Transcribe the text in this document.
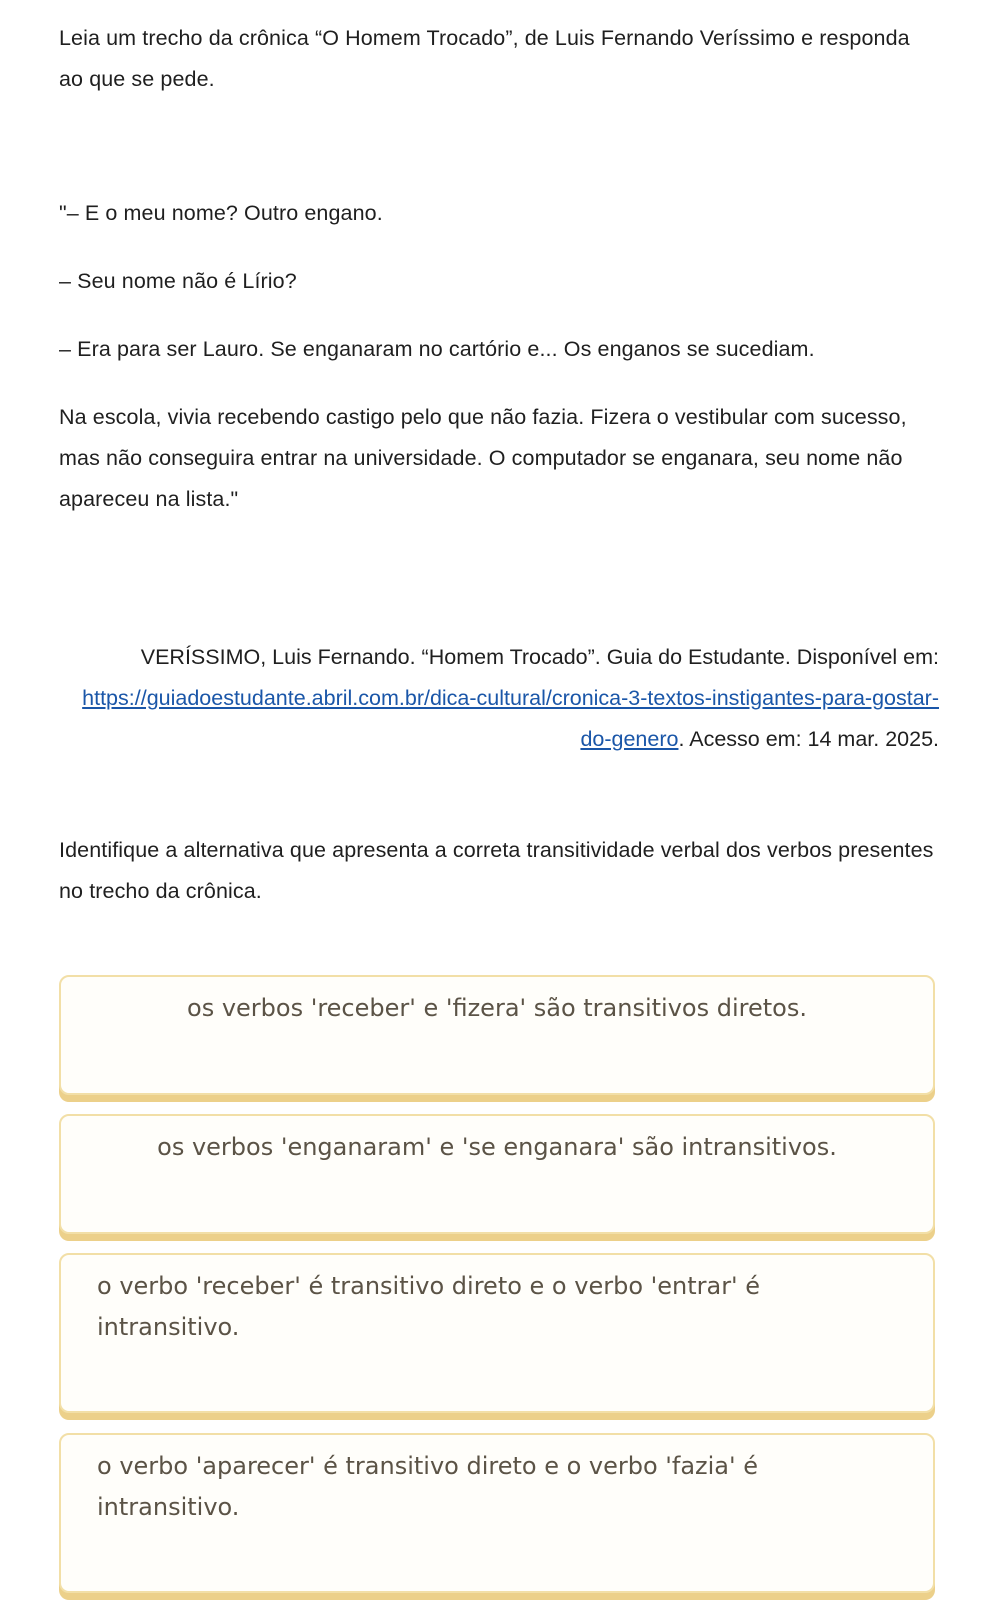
Leia um trecho da crônica “O Homem Trocado”, de Luis Fernando Veríssimo e responda ao que se pede.

"– E o meu nome? Outro engano.

– Seu nome não é Lírio?

– Era para ser Lauro. Se enganaram no cartório e... Os enganos se sucediam.

Na escola, vivia recebendo castigo pelo que não fazia. Fizera o vestibular com sucesso, mas não conseguira entrar na universidade. O computador se enganara, seu nome não apareceu na lista."

VERÍSSIMO, Luis Fernando. “Homem Trocado”. Guia do Estudante. Disponível em: https://guiadoestudante.abril.com.br/dica-cultural/cronica-3-textos-instigantes-para-gostar-do-genero. Acesso em: 14 mar. 2025.

Identifique a alternativa que apresenta a correta transitividade verbal dos verbos presentes no trecho da crônica.

os verbos 'receber' e 'fizera' são transitivos diretos.
os verbos 'enganaram' e 'se enganara' são intransitivos.
o verbo 'receber' é transitivo direto e o verbo 'entrar' é intransitivo.
o verbo 'aparecer' é transitivo direto e o verbo 'fazia' é intransitivo.
